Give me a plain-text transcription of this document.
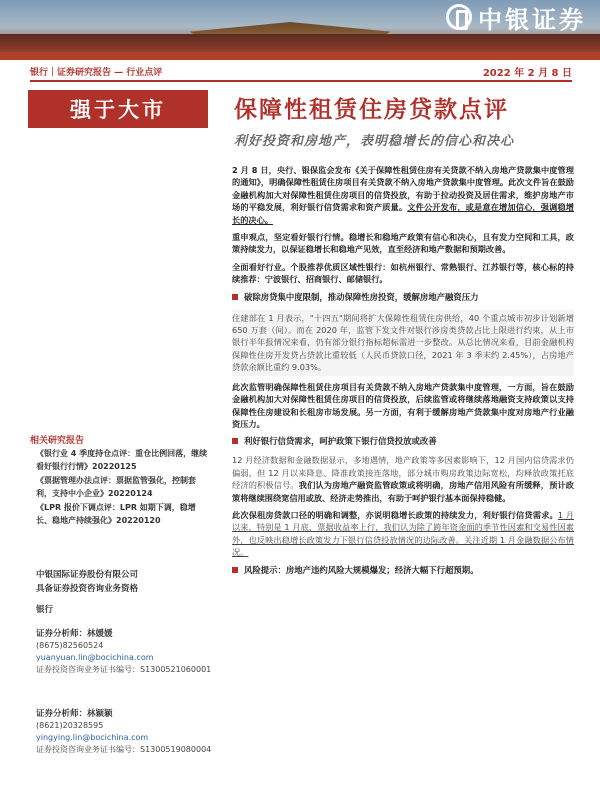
中银证券
银行｜证券研究报告 — 行业点评	2022 年 2 月 8 日
强于大市	保障性租赁住房贷款点评
利好投资和房地产，表明稳增长的信心和决心
相关研究报告
《银行业 4 季度持仓点评：重仓比例回落，继续看好银行行情》20220125
《票据管理办法点评：票据监管强化，控制套利，支持中小企业》20220124
《LPR 报价下调点评：LPR 如期下调，稳增长、稳地产持续强化》20220120
中银国际证券股份有限公司
具备证券投资咨询业务资格
银行
证券分析师：林媛媛
(8675)82560524
yuanyuan.lin@bocichina.com
证券投资咨询业务证书编号：S1300521060001
证券分析师：林颖颖
(8621)20328595
yingying.lin@bocichina.com
证券投资咨询业务证书编号：S1300519080004

2 月 8 日，央行、银保监会发布《关于保障性租赁住房有关贷款不纳入房地产贷款集中度管理的通知》，明确保障性租赁住房项目有关贷款不纳入房地产贷款集中度管理。此次文件旨在鼓励金融机构加大对保障性租赁住房项目的信贷投放，有助于拉动投资及居住需求，维护房地产市场的平稳发展，利好银行信贷需求和资产质量。文件公开发布，或是意在增加信心，强调稳增长的决心。

重申观点，坚定看好银行行情。稳增长和稳地产政策有信心和决心，且有发力空间和工具，政策持续发力，以保证稳增长和稳地产见效，直至经济和地产数据和预期改善。

全面看好行业。个股推荐优质区域性银行：如杭州银行、常熟银行、江苏银行等，核心标的持续推荐：宁波银行、招商银行、邮储银行。

破除房贷集中度限制，推动保障性房投资，缓解房地产融资压力

住建部在 1 月表示，"十四五"期间将扩大保障性租赁住房供给，40 个重点城市初步计划新增 650 万套（间）。而在 2020 年，监管下发文件对银行涉房类贷款占比上限进行约束，从上市银行半年报情况来看，仍有部分银行指标超标需进一步整改。从总比情况来看，目前金融机构保障性住房开发贷占贷款比重较低（人民币贷款口径，2021 年 3 季末约 2.45%），占房地产贷款余额比重约 9.03%。

此次监管明确保障性租赁住房项目有关贷款不纳入房地产贷款集中度管理，一方面，旨在鼓励金融机构加大对保障性租赁住房项目的信贷投放，后续监管或将继续落地融资支持政策以支持保障性住房建设和长租房市场发展。另一方面，有利于缓解房地产贷款集中度对房地产行业融资压力。

利好银行信贷需求，呵护政策下银行信贷投放或改善

12 月经济数据和金融数据显示，多地遇情，地产政策等多因素影响下，12 月国内信贷需求仍偏弱，但 12 月以来降息、降准政策接连落地，部分城市购房政策边际宽松，均释放政策托底经济的积极信号。我们认为房地产融资监管政策或将明确，房地产信用风险有所缓释，预计政策将继续围绕宽信用或放、经济走势推出，有助于呵护银行基本面保持稳健。

此次保租房贷款口径的明确和调整，亦说明稳增长政策的持续发力，利好银行信贷需求。1 月以来，特别是 1 月底，票据收益率上行，我们认为除了跨年资金面的季节性因素和交易性因素外，也反映出稳增长政策发力下银行信贷投放情况的边际改善。关注近期 1 月金融数据公布情况。

风险提示：房地产违约风险大规模爆发；经济大幅下行超预期。
